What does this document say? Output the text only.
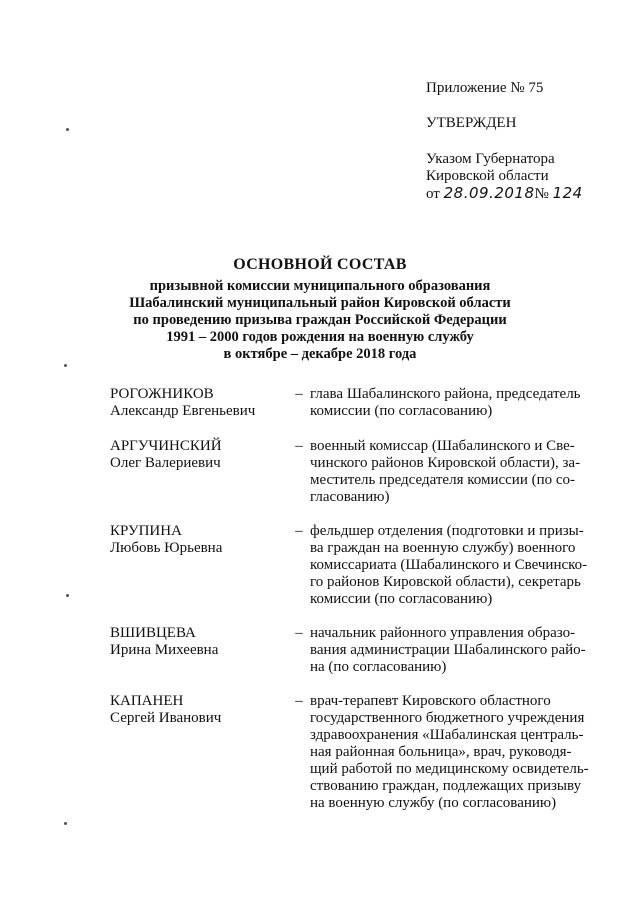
Приложение № 75
УТВЕРЖДЕН
Указом Губернатора
Кировской области
от 28.09.2018№ 124
ОСНОВНОЙ СОСТАВ
призывной комиссии муниципального образования
Шабалинский муниципальный район Кировской области
по проведению призыва граждан Российской Федерации
1991 – 2000 годов рождения на военную службу
в октябре – декабре 2018 года
РОГОЖНИКОВ
Александр Евгеньевич
– глава Шабалинского района, председатель
комиссии (по согласованию)
АРГУЧИНСКИЙ
Олег Валериевич
– военный комиссар (Шабалинского и Све-
чинского районов Кировской области), за-
меститель председателя комиссии (по со-
гласованию)
КРУПИНА
Любовь Юрьевна
– фельдшер отделения (подготовки и призы-
ва граждан на военную службу) военного
комиссариата (Шабалинского и Свечинско-
го районов Кировской области), секретарь
комиссии (по согласованию)
ВШИВЦЕВА
Ирина Михеевна
– начальник районного управления образо-
вания администрации Шабалинского райо-
на (по согласованию)
КАПАНЕН
Сергей Иванович
– врач-терапевт Кировского областного
государственного бюджетного учреждения
здравоохранения «Шабалинская централь-
ная районная больница», врач, руководя-
щий работой по медицинскому освидетель-
ствованию граждан, подлежащих призыву
на военную службу (по согласованию)
